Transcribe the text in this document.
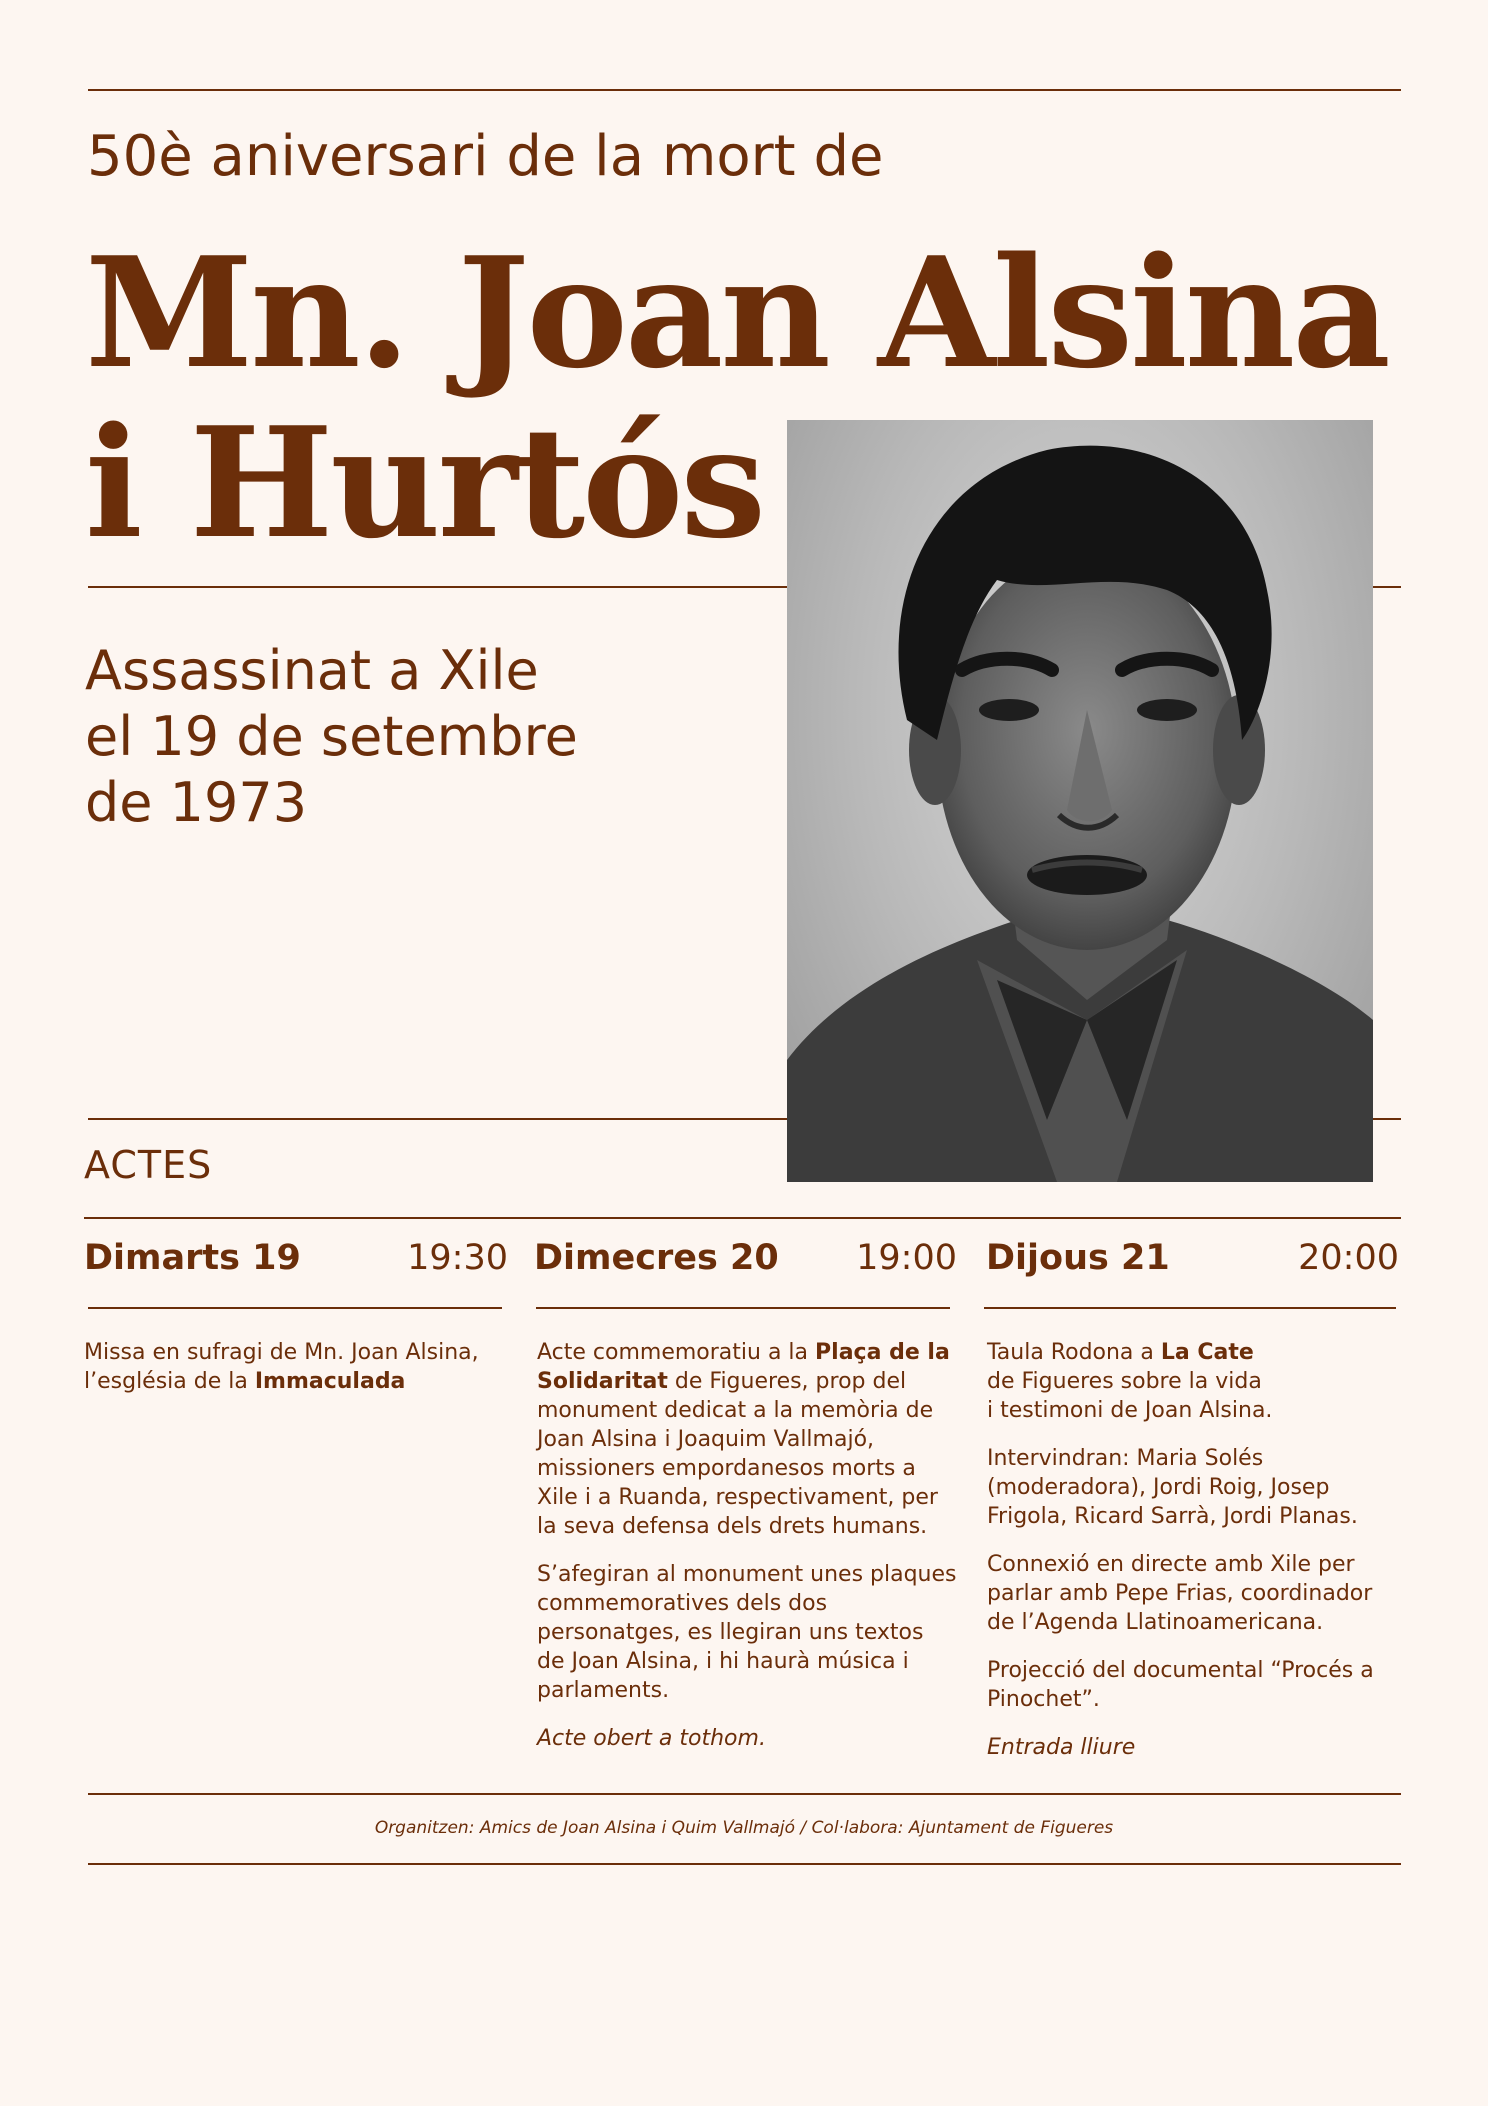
50è aniversari de la mort de
Mn. Joan Alsina
i Hurtós
Assassinat a Xile
el 19 de setembre
de 1973
ACTES
Dimarts 19	19:30

Missa en sufragi de Mn. Joan Alsina,
l’església de la Immaculada

Dimecres 20 19:00

Acte commemoratiu a la Plaça de la Solidaritat de Figueres, prop del monument dedicat a la memòria de Joan Alsina i Joaquim Vallmajó, missioners empordanesos morts a Xile i a Ruanda, respectivament, per la seva defensa dels drets humans.

S’afegiran al monument unes plaques commemoratives dels dos personatges, es llegiran uns textos de Joan Alsina, i hi haurà música i parlaments.

Acte obert a tothom.

Dijous 21	20:00

Taula Rodona a La Cate
de Figueres sobre la vida
i testimoni de Joan Alsina.

Intervindran: Maria Solés (moderadora), Jordi Roig, Josep Frigola, Ricard Sarrà, Jordi Planas.

Connexió en directe amb Xile per parlar amb Pepe Frias, coordinador de l’Agenda Llatinoamericana.

Projecció del documental “Procés a Pinochet”.

Entrada lliure

Organitzen: Amics de Joan Alsina i Quim Vallmajó / Col·labora: Ajuntament de Figueres
